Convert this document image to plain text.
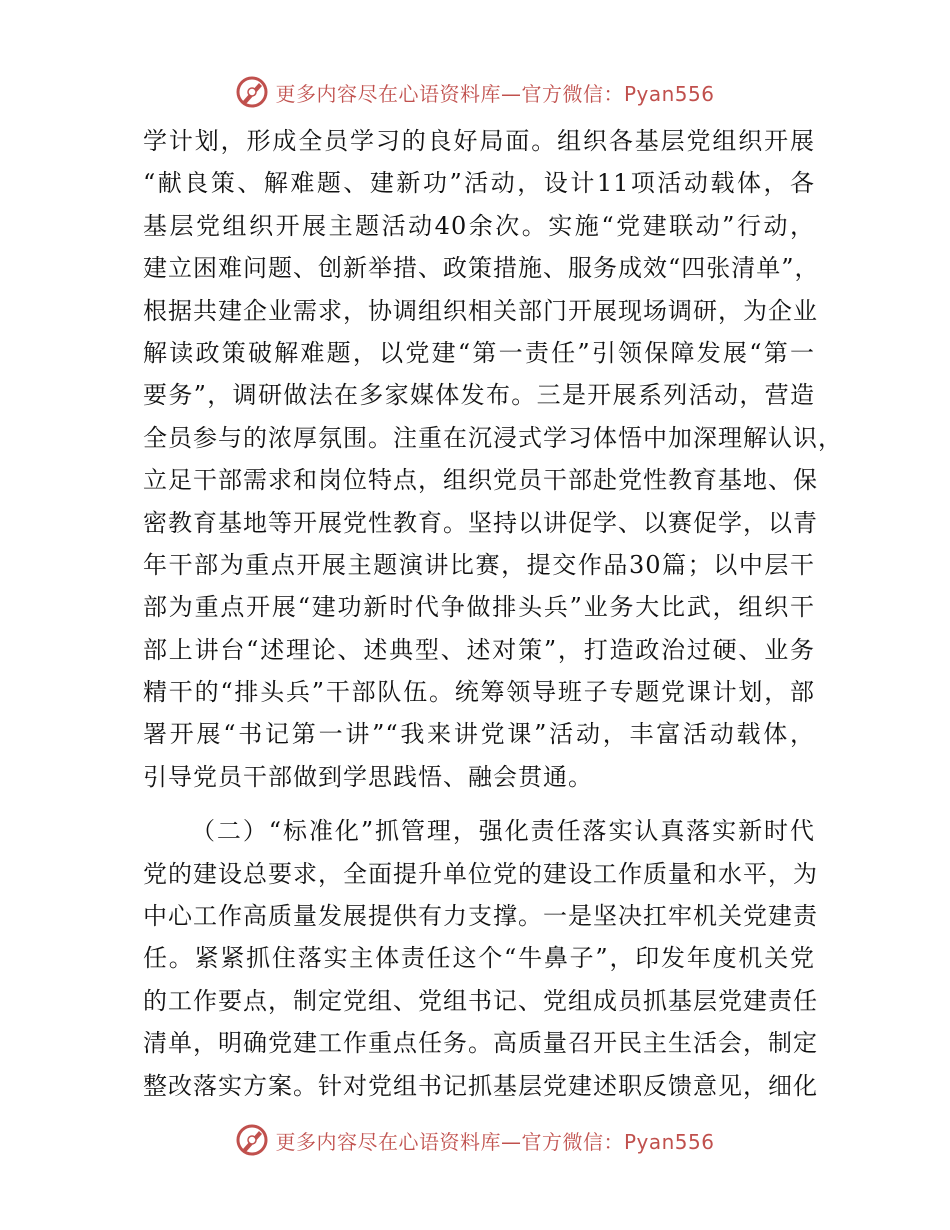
更多内容尽在心语资料库—官方微信：Pyan556
学计划，形成全员学习的良好局面。组织各基层党组织开展
“献良策、解难题、建新功”活动，设计11项活动载体，各
基层党组织开展主题活动40余次。实施“党建联动”行动，
建立困难问题、创新举措、政策措施、服务成效“四张清单”，
根据共建企业需求，协调组织相关部门开展现场调研，为企业
解读政策破解难题，以党建“第一责任”引领保障发展“第一
要务”，调研做法在多家媒体发布。三是开展系列活动，营造
全员参与的浓厚氛围。注重在沉浸式学习体悟中加深理解认识，
立足干部需求和岗位特点，组织党员干部赴党性教育基地、保
密教育基地等开展党性教育。坚持以讲促学、以赛促学，以青
年干部为重点开展主题演讲比赛，提交作品30篇；以中层干
部为重点开展“建功新时代争做排头兵”业务大比武，组织干
部上讲台“述理论、述典型、述对策”，打造政治过硬、业务
精干的“排头兵”干部队伍。统筹领导班子专题党课计划，部
署开展“书记第一讲”“我来讲党课”活动，丰富活动载体，
引导党员干部做到学思践悟、融会贯通。
（二）“标准化”抓管理，强化责任落实认真落实新时代
党的建设总要求，全面提升单位党的建设工作质量和水平，为
中心工作高质量发展提供有力支撑。一是坚决扛牢机关党建责
任。紧紧抓住落实主体责任这个“牛鼻子”，印发年度机关党
的工作要点，制定党组、党组书记、党组成员抓基层党建责任
清单，明确党建工作重点任务。高质量召开民主生活会，制定
整改落实方案。针对党组书记抓基层党建述职反馈意见，细化
更多内容尽在心语资料库—官方微信：Pyan556
